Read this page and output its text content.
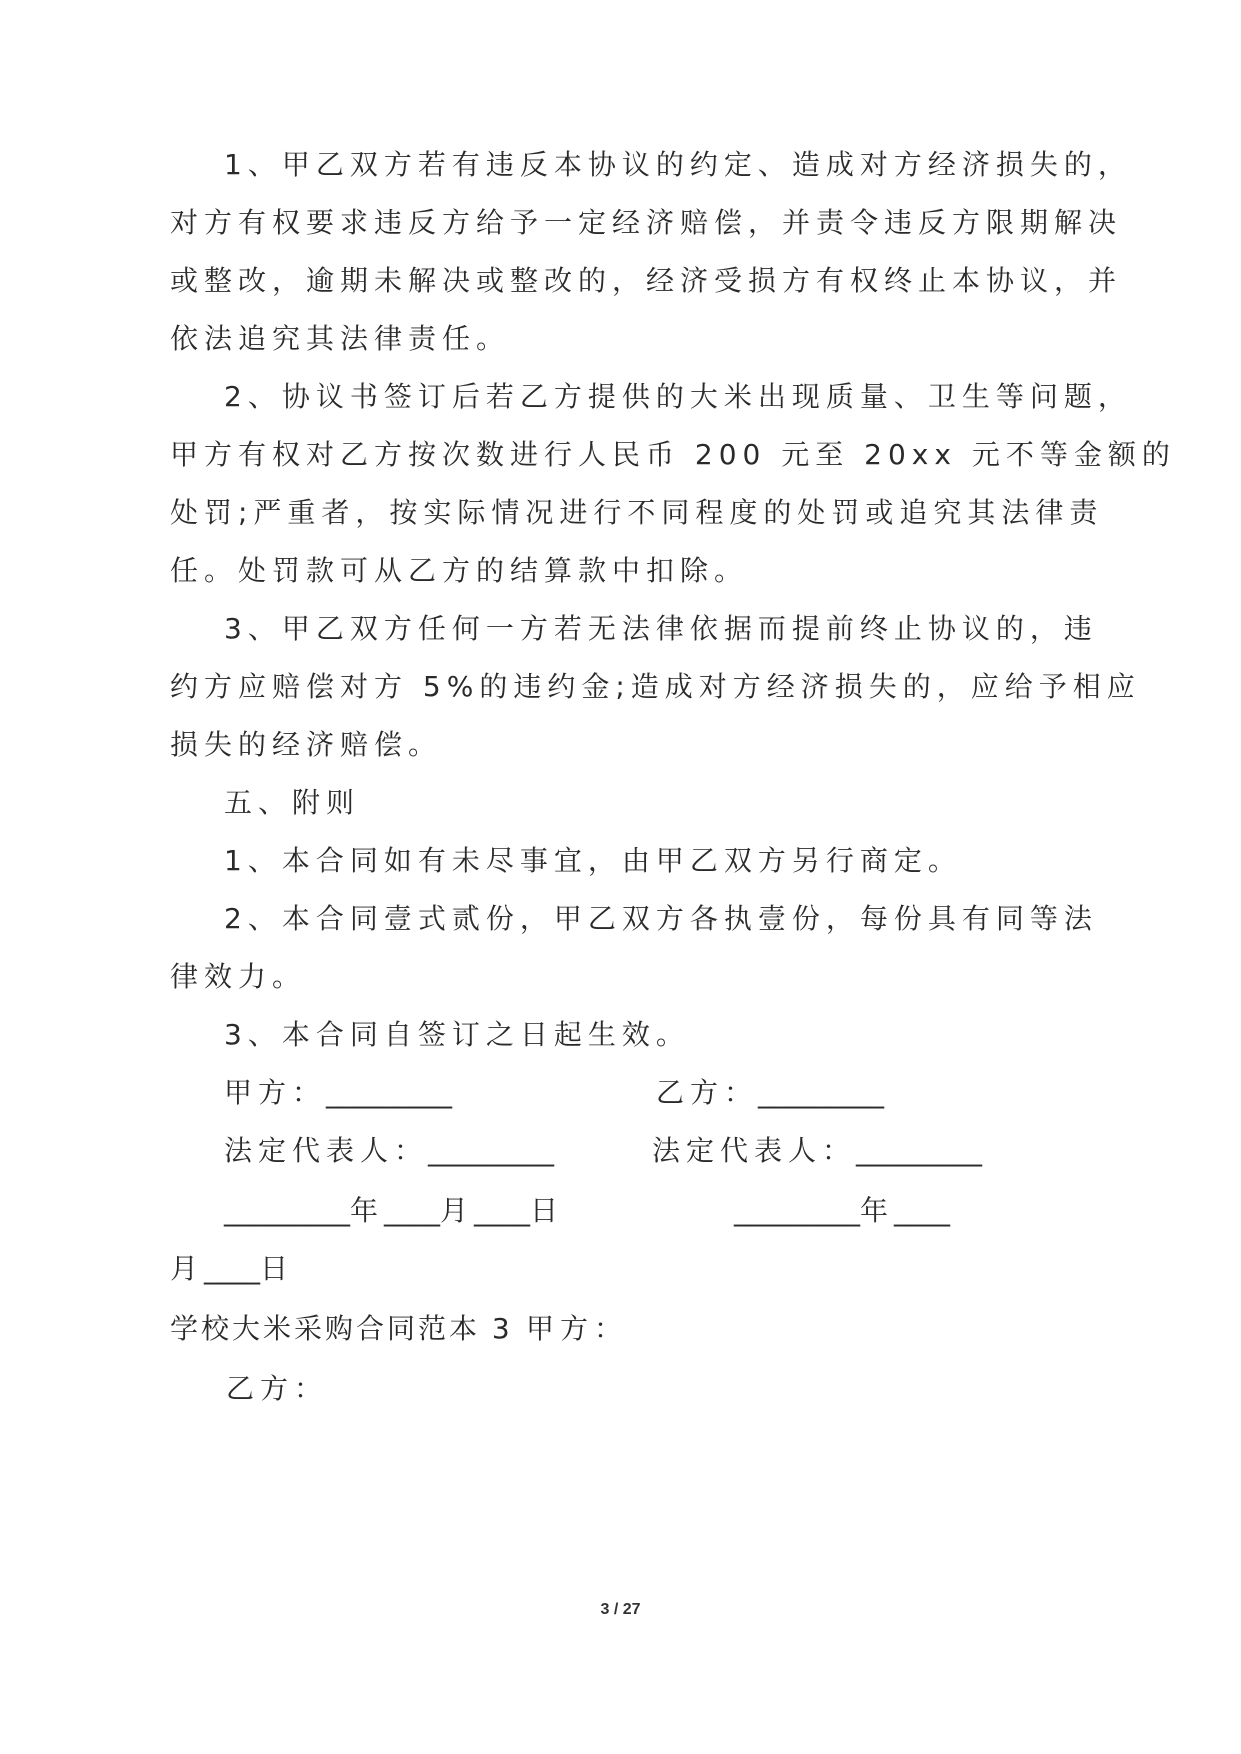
1、甲乙双方若有违反本协议的约定、造成对方经济损失的，
对方有权要求违反方给予一定经济赔偿，并责令违反方限期解决
或整改，逾期未解决或整改的，经济受损方有权终止本协议，并
依法追究其法律责任。
2、协议书签订后若乙方提供的大米出现质量、卫生等问题，
甲方有权对乙方按次数进行人民币 200 元至 20xx 元不等金额的
处罚;严重者，按实际情况进行不同程度的处罚或追究其法律责
任。处罚款可从乙方的结算款中扣除。
3、甲乙双方任何一方若无法律依据而提前终止协议的，违
约方应赔偿对方 5%的违约金;造成对方经济损失的，应给予相应
损失的经济赔偿。
五、附则
1、本合同如有未尽事宜，由甲乙双方另行商定。
2、本合同壹式贰份，甲乙双方各执壹份，每份具有同等法
律效力。
3、本合同自签订之日起生效。
甲方：_________	乙方：_________
法定代表人：_________	法定代表人：_________
_________年____月____日	_________年____
月____日
学校大米采购合同范本 3 甲方：
乙方：
3 / 27
